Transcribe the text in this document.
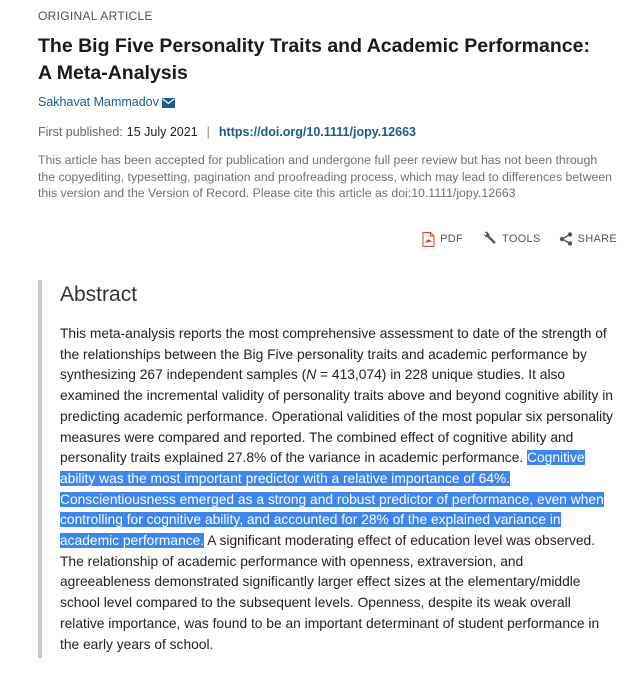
ORIGINAL ARTICLE
The Big Five Personality Traits and Academic Performance: A Meta-Analysis
Sakhavat Mammadov
First published: 15 July 2021 | https://doi.org/10.1111/jopy.12663

This article has been accepted for publication and undergone full peer review but has not been through the copyediting, typesetting, pagination and proofreading process, which may lead to differences between this version and the Version of Record. Please cite this article as doi:10.1111/jopy.12663

PDF	TOOLS	SHARE
Abstract

This meta-analysis reports the most comprehensive assessment to date of the strength of the relationships between the Big Five personality traits and academic performance by synthesizing 267 independent samples (N = 413,074) in 228 unique studies. It also examined the incremental validity of personality traits above and beyond cognitive ability in predicting academic performance. Operational validities of the most popular six personality measures were compared and reported. The combined effect of cognitive ability and personality traits explained 27.8% of the variance in academic performance. Cognitive ability was the most important predictor with a relative importance of 64%. Conscientiousness emerged as a strong and robust predictor of performance, even when controlling for cognitive ability, and accounted for 28% of the explained variance in academic performance. A significant moderating effect of education level was observed. The relationship of academic performance with openness, extraversion, and agreeableness demonstrated significantly larger effect sizes at the elementary/middle school level compared to the subsequent levels. Openness, despite its weak overall relative importance, was found to be an important determinant of student performance in the early years of school.
